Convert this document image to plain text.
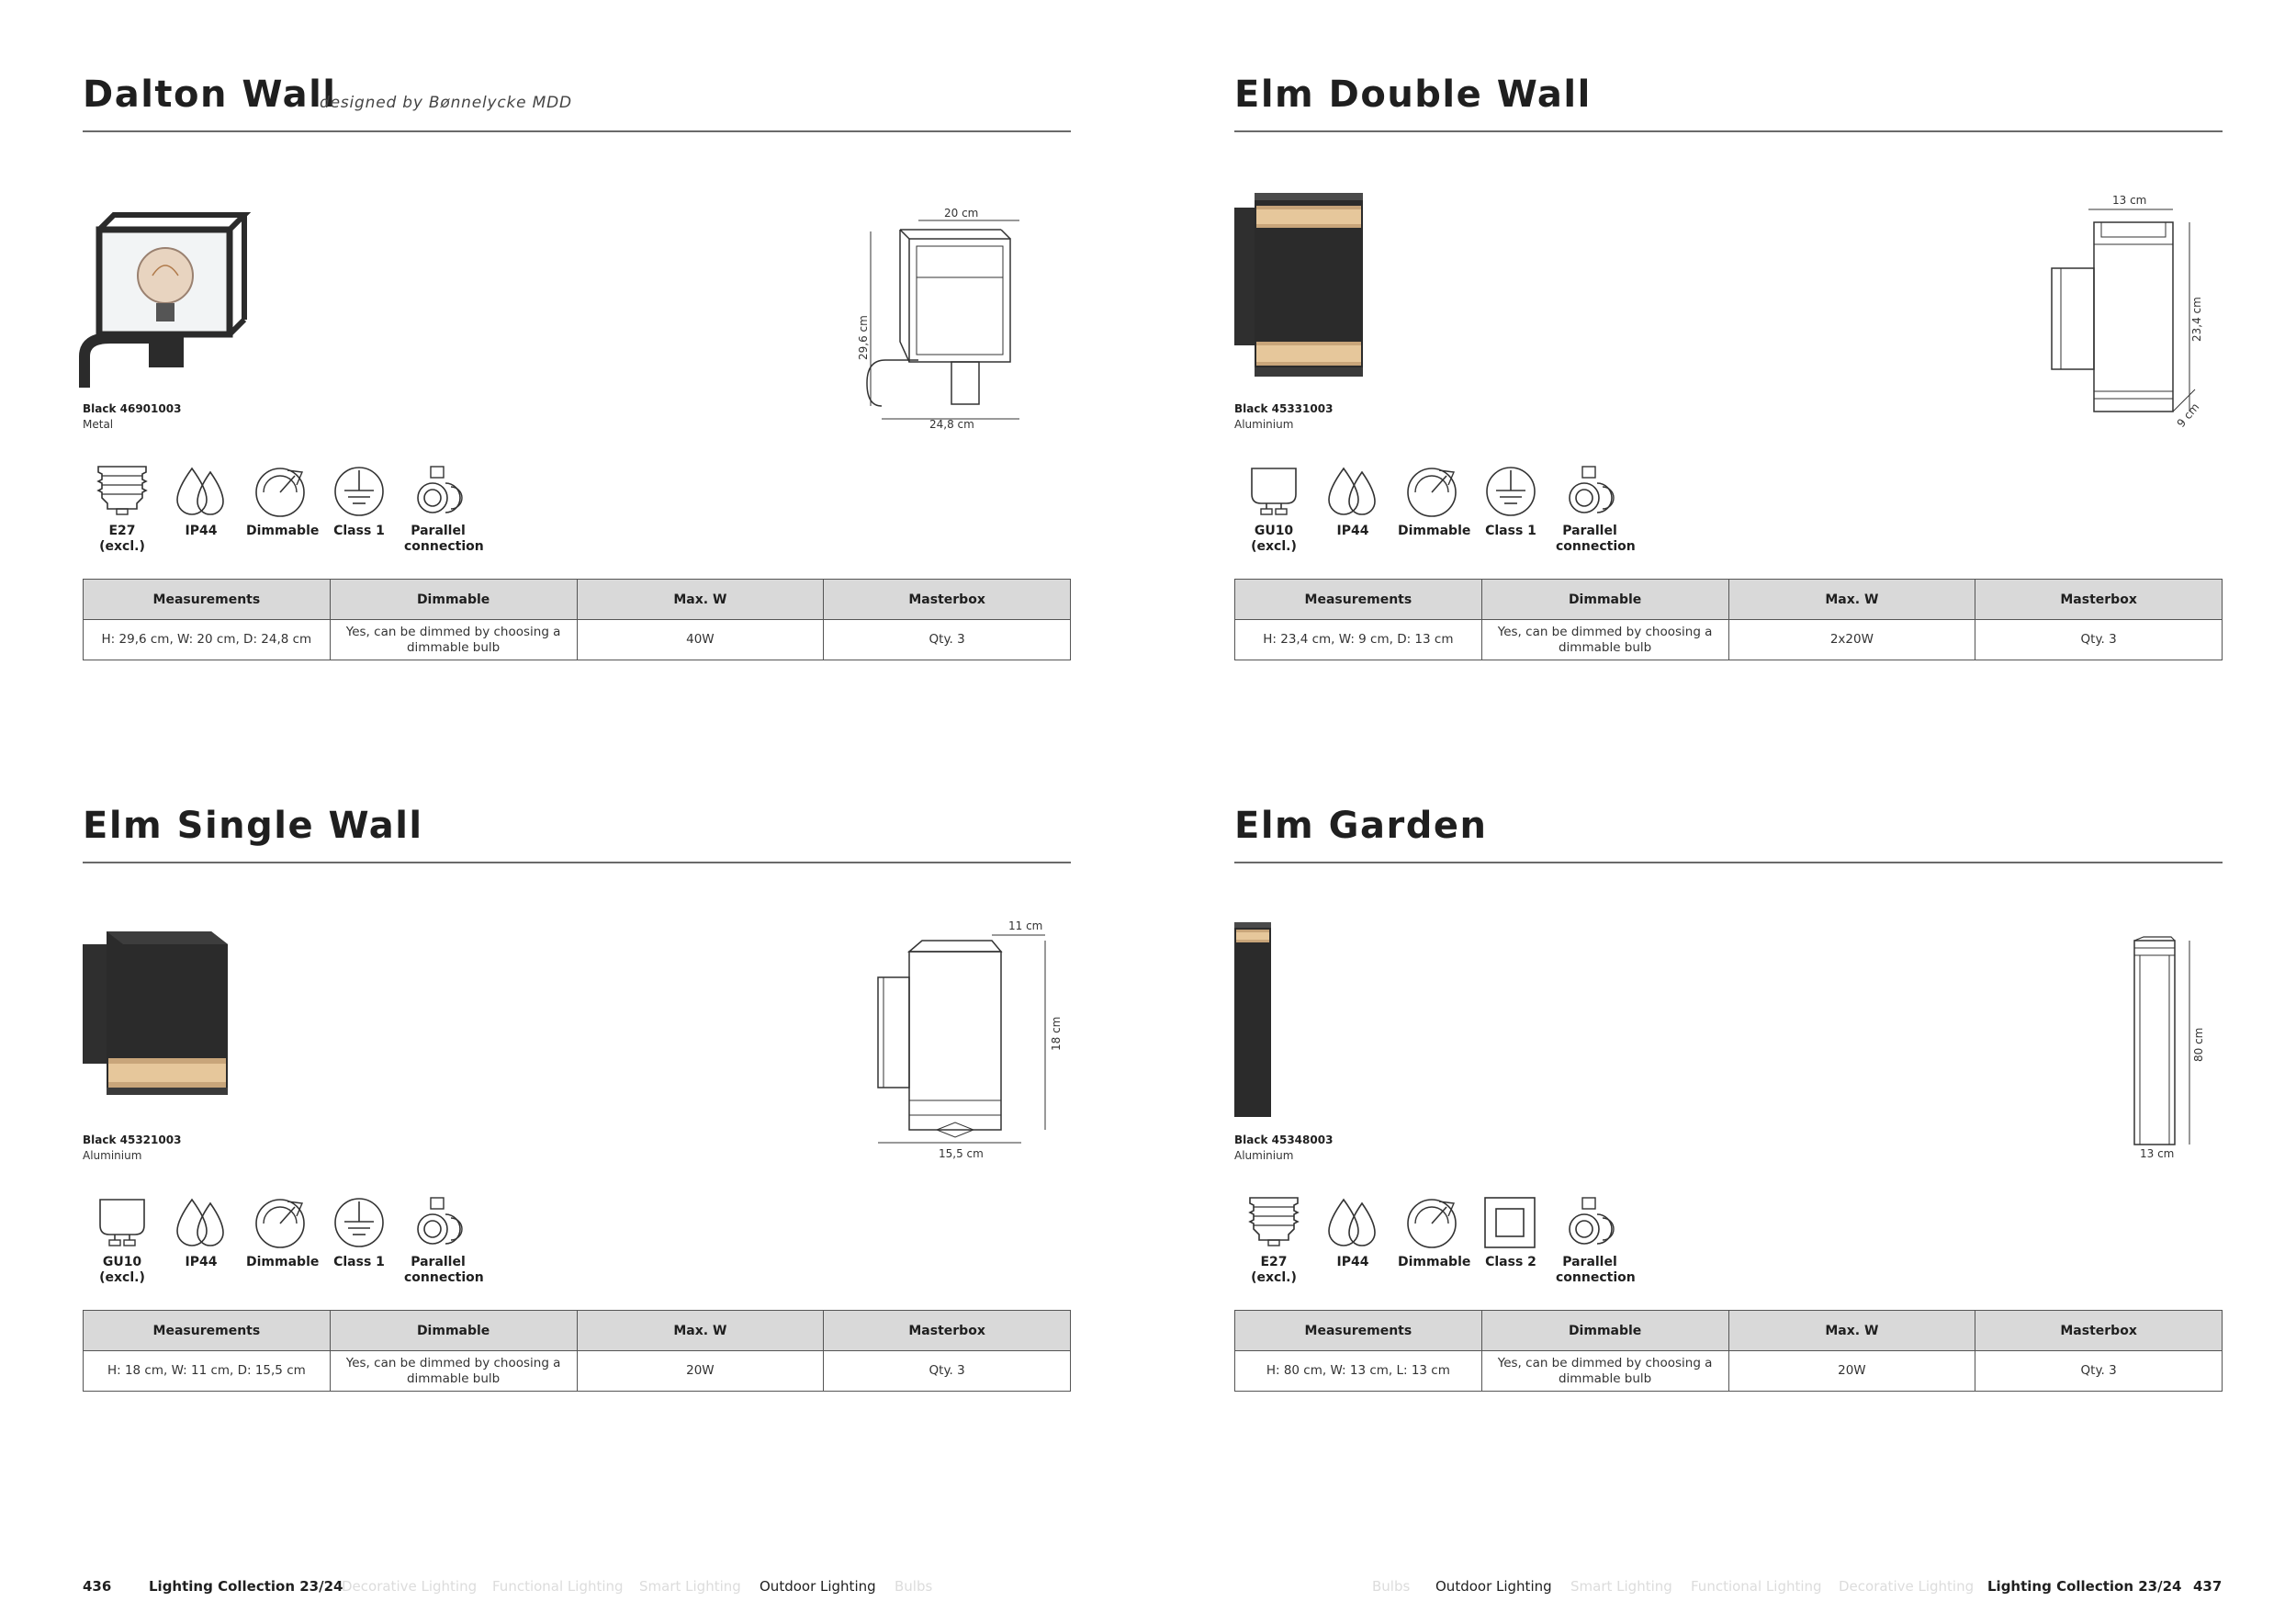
Dalton Wall
designed by Bønnelycke MDD
Black 46901003
Metal
20 cm
29,6 cm
24,8 cm
E27
(excl.)
IP44	Dimmable	Class 1	Parallel
connection
Measurements	Dimmable	Max. W	Masterbox
H: 29,6 cm, W: 20 cm, D: 24,8 cm	Yes, can be dimmed by choosing a dimmable bulb	40W	Qty. 3
Elm Double Wall
Black 45331003
Aluminium
13 cm
23,4 cm
9 cm
GU10
(excl.)
IP44	Dimmable	Class 1	Parallel
connection
Measurements	Dimmable	Max. W	Masterbox
H: 23,4 cm, W: 9 cm, D: 13 cm	Yes, can be dimmed by choosing a dimmable bulb	2x20W	Qty. 3
Elm Single Wall
Black 45321003
Aluminium
11 cm
18 cm
15,5 cm
GU10
(excl.)
IP44	Dimmable	Class 1	Parallel
connection
Measurements	Dimmable	Max. W	Masterbox
H: 18 cm, W: 11 cm, D: 15,5 cm	Yes, can be dimmed by choosing a dimmable bulb	20W	Qty. 3
Elm Garden
Black 45348003
Aluminium
80 cm
13 cm
E27
(excl.)
IP44	Dimmable	Class 2	Parallel
connection
Measurements	Dimmable	Max. W	Masterbox
H: 80 cm, W: 13 cm, L: 13 cm	Yes, can be dimmed by choosing a dimmable bulb	20W	Qty. 3
436	Lighting Collection 23/24
Decorative Lighting Functional Lighting Smart Lighting Outdoor Lighting Bulbs	Bulbs Outdoor Lighting Smart Lighting Functional Lighting Decorative Lighting Lighting Collection 23/24 437
